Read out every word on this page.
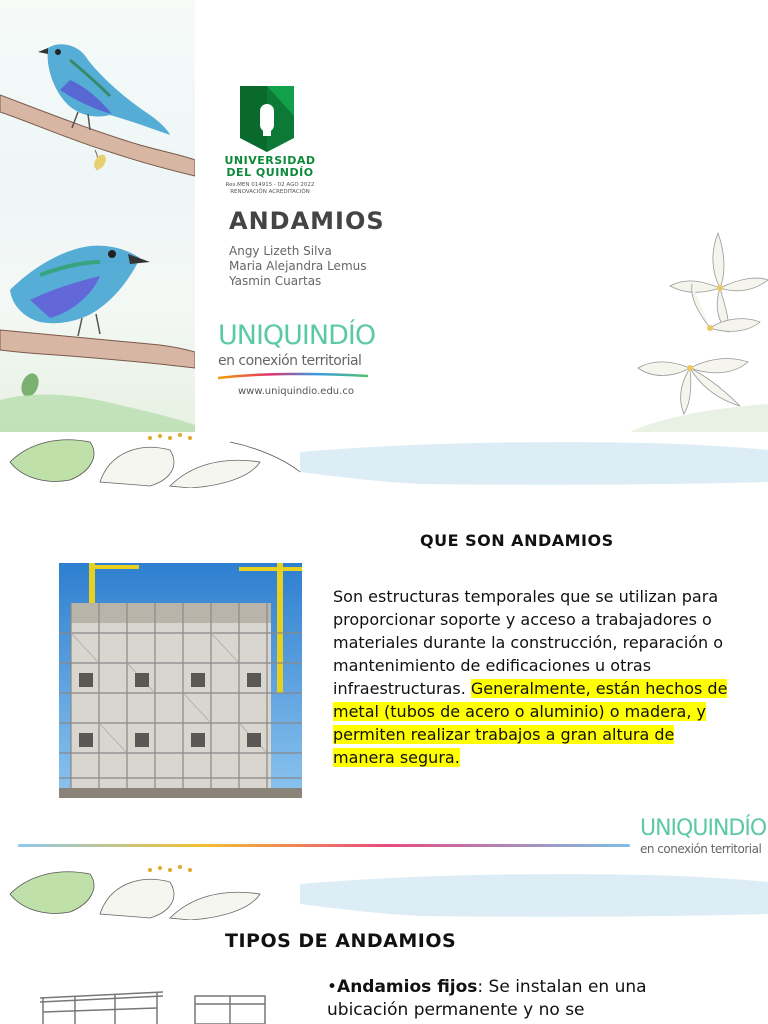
UNIVERSIDAD
DEL QUINDÍO
Res.MEN 014915 - 02 AGO 2022
RENOVACIÓN ACREDITACIÓN
ANDAMIOS
Angy Lizeth Silva
Maria Alejandra Lemus
Yasmin Cuartas
UNIQUINDÍO
en conexión territorial
www.uniquindio.edu.co
QUE SON ANDAMIOS

Son estructuras temporales que se utilizan para proporcionar soporte y acceso a trabajadores o materiales durante la construcción, reparación o mantenimiento de edificaciones u otras infraestructuras. Generalmente, están hechos de metal (tubos de acero o aluminio) o madera, y permiten realizar trabajos a gran altura de manera segura.

UNIQUINDÍO
en conexión territorial
TIPOS DE ANDAMIOS

•Andamios fijos: Se instalan en una ubicación permanente y no se
